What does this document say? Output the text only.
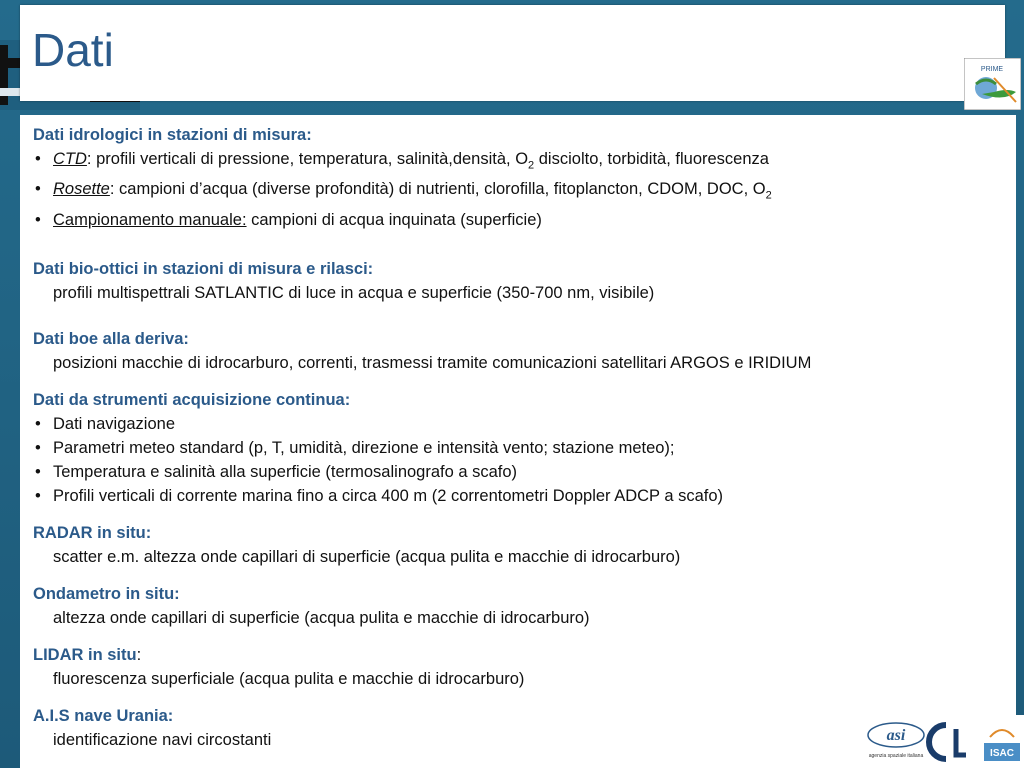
Dati	PRIME
Dati idrologici in stazioni di misura:
• CTD: profili verticali di pressione, temperatura, salinità,densità, $O_2$ disciolto, torbidità, fluorescenza
• Rosette: campioni d’acqua (diverse profondità) di nutrienti, clorofilla, fitoplancton, CDOM, DOC, $O_2$
• Campionamento manuale: campioni di acqua inquinata (superficie)
Dati bio-ottici in stazioni di misura e rilasci:
profili multispettrali SATLANTIC di luce in acqua e superficie (350-700 nm, visibile)
Dati boe alla deriva:
posizioni macchie di idrocarburo, correnti, trasmessi tramite comunicazioni satellitari ARGOS e IRIDIUM
Dati da strumenti acquisizione continua:
• Dati navigazione
• Parametri meteo standard (p, T, umidità, direzione e intensità vento; stazione meteo);
• Temperatura e salinità alla superficie (termosalinografo a scafo)
• Profili verticali di corrente marina fino a circa 400 m (2 correntometri Doppler ADCP a scafo)
RADAR in situ:
scatter e.m. altezza onde capillari di superficie (acqua pulita e macchie di idrocarburo)
Ondametro in situ:
altezza onde capillari di superficie (acqua pulita e macchie di idrocarburo)
LIDAR in situ:
fluorescenza superficiale (acqua pulita e macchie di idrocarburo)
A.I.S nave Urania:
identificazione navi circostanti	asi
agenzia spaziale italiana	ISAC
